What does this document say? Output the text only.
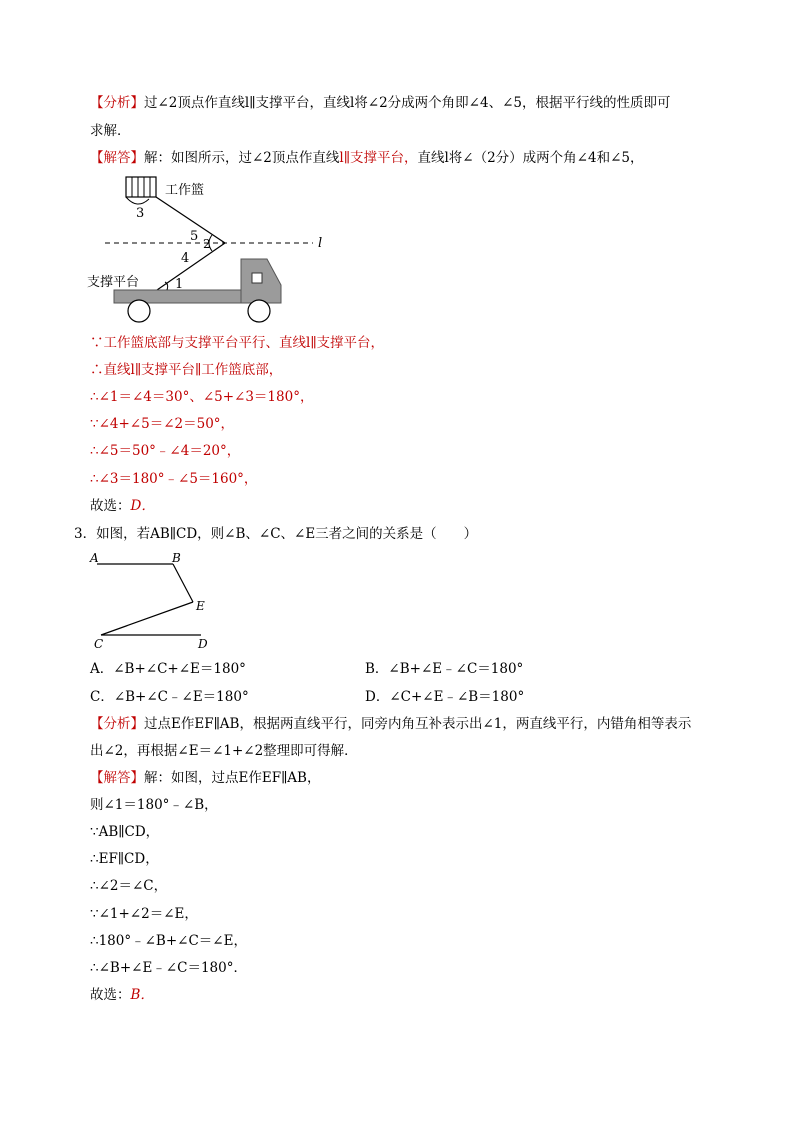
【分析】过∠2顶点作直线l∥支撑平台，直线l将∠2分成两个角即∠4、∠5，根据平行线的性质即可
求解．
【解答】解：如图所示，过∠2顶点作直线l∥支撑平台，直线l将∠（2分）成两个角∠4和∠5，
工作篮
3
l
5 2
4
1
支撑平台
∵工作篮底部与支撑平台平行、直线l∥支撑平台，
∴直线l∥支撑平台∥工作篮底部，
∴∠1＝∠4＝30°、∠5+∠3＝180°，
∵∠4+∠5＝∠2＝50°，
∴∠5＝50°﹣∠4＝20°，
∴∠3＝180°﹣∠5＝160°，
故选：D．
3．如图，若AB∥CD，则∠B、∠C、∠E三者之间的关系是（　　）
A	B
E
C	D
A．∠B+∠C+∠E＝180°	B．∠B+∠E﹣∠C＝180°
C．∠B+∠C﹣∠E＝180°	D．∠C+∠E﹣∠B＝180°
【分析】过点E作EF∥AB，根据两直线平行，同旁内角互补表示出∠1，两直线平行，内错角相等表示
出∠2，再根据∠E＝∠1+∠2整理即可得解．
【解答】解：如图，过点E作EF∥AB，
则∠1＝180°﹣∠B，
∵AB∥CD，
∴EF∥CD，
∴∠2＝∠C，
∵∠1+∠2＝∠E，
∴180°﹣∠B+∠C＝∠E，
∴∠B+∠E﹣∠C＝180°．
故选：B．
